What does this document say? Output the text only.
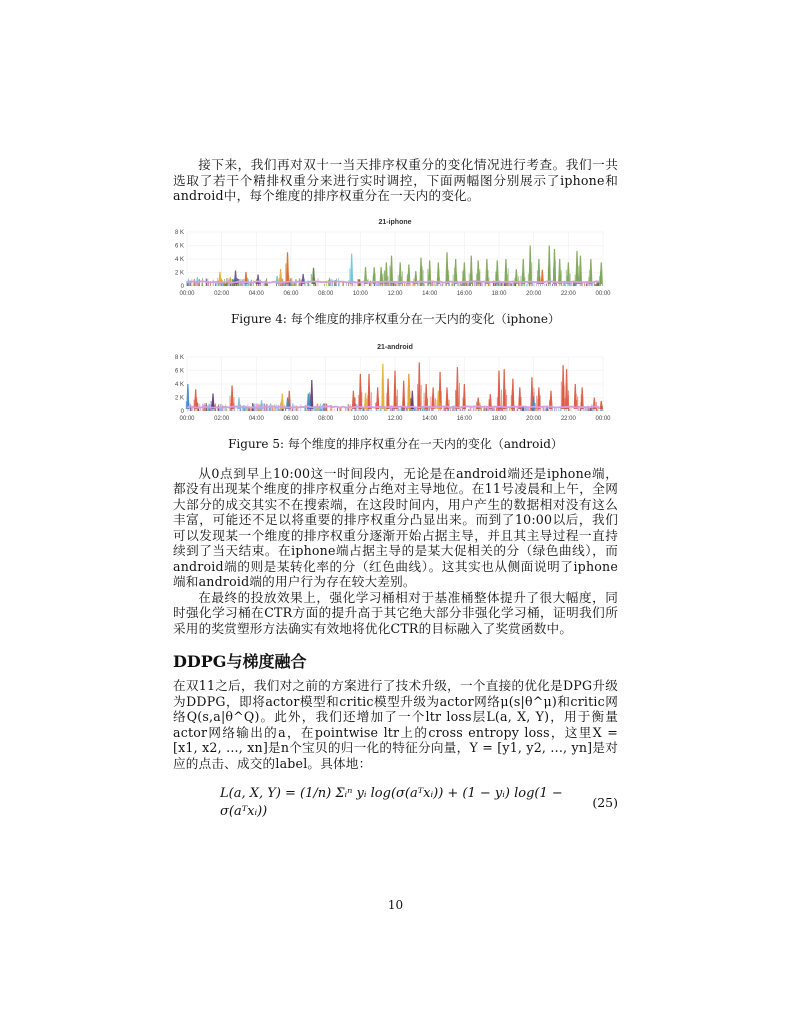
接下来，我们再对双十一当天排序权重分的变化情况进行考查。我们一共选取了若干个精排权重分来进行实时调控，下面两幅图分别展示了iphone和android中，每个维度的排序权重分在一天内的变化。

21-iphone
0
2 K
4 K
6 K
8 K
00:00	02:00	04:00	06:00	08:00	10:00	12:00	14:00	16:00	18:00	20:00	22:00	00:00
Figure 4: 每个维度的排序权重分在一天内的变化（iphone）
21-android
0
2 K
4 K
6 K
8 K
00:00	02:00	04:00	06:00	08:00	10:00	12:00	14:00	16:00	18:00	20:00	22:00	00:00
Figure 5: 每个维度的排序权重分在一天内的变化（android）

从0点到早上10:00这一时间段内，无论是在android端还是iphone端，都没有出现某个维度的排序权重分占绝对主导地位。在11号凌晨和上午，全网大部分的成交其实不在搜索端，在这段时间内，用户产生的数据相对没有这么丰富，可能还不足以将重要的排序权重分凸显出来。而到了10:00以后，我们可以发现某一个维度的排序权重分逐渐开始占据主导，并且其主导过程一直持续到了当天结束。在iphone端占据主导的是某大促相关的分（绿色曲线），而android端的则是某转化率的分（红色曲线）。这其实也从侧面说明了iphone端和android端的用户行为存在较大差别。

在最终的投放效果上，强化学习桶相对于基准桶整体提升了很大幅度，同时强化学习桶在CTR方面的提升高于其它绝大部分非强化学习桶，证明我们所采用的奖赏塑形方法确实有效地将优化CTR的目标融入了奖赏函数中。

DDPG与梯度融合

在双11之后，我们对之前的方案进行了技术升级，一个直接的优化是DPG升级为DDPG，即将actor模型和critic模型升级为actor网络μ(s|θ^μ)和critic网络Q(s,a|θ^Q)。此外，我们还增加了一个ltr loss层L(a, X, Y)，用于衡量actor网络输出的a，在pointwise ltr上的cross entropy loss，这里X = [x1, x2, ..., xn]是n个宝贝的归一化的特征分向量，Y = [y1, y2, ..., yn]是对应的点击、成交的label。具体地：

L(a, X, Y) = (1/n) Σᵢⁿ yᵢ log(σ(aᵀxᵢ)) + (1 − yᵢ) log(1 − σ(aᵀxᵢ))
(25)
10
